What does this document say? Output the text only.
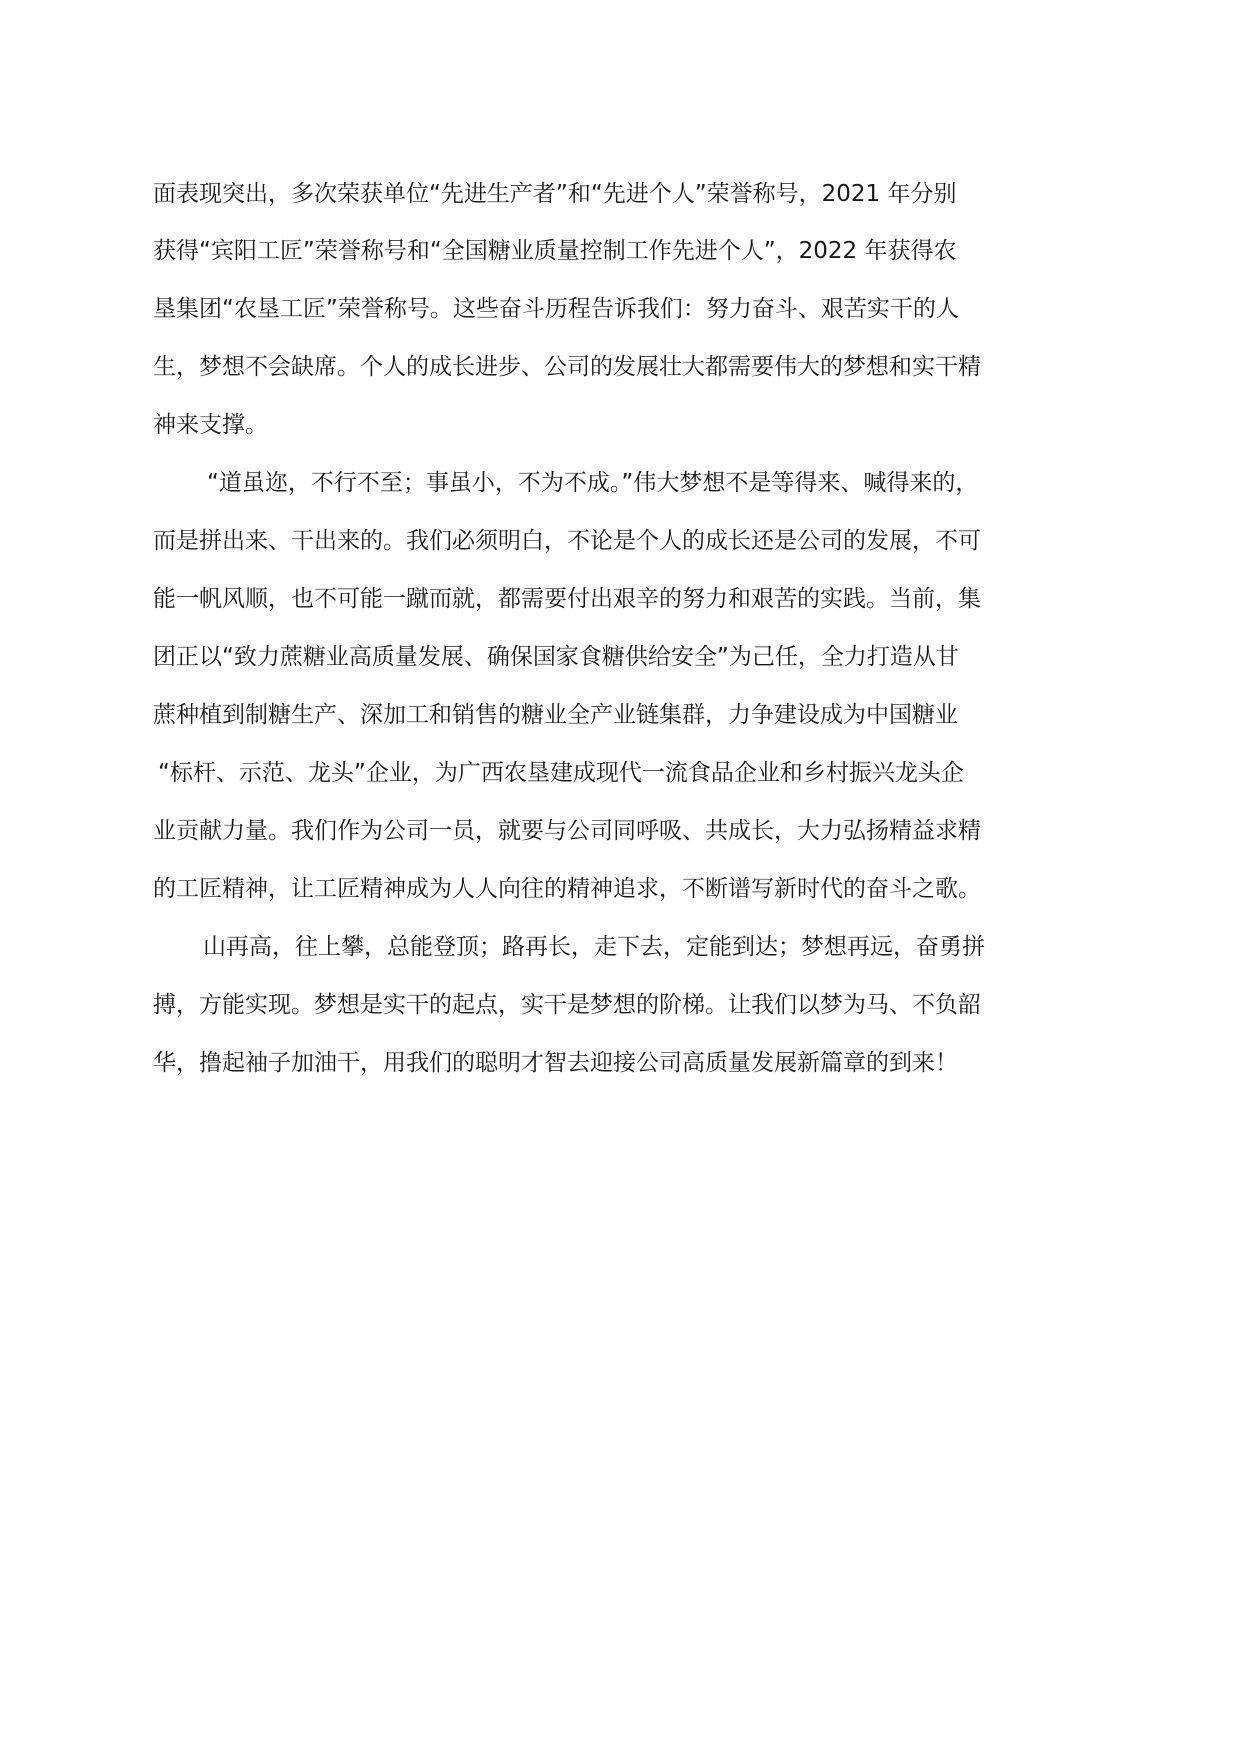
面表现突出，多次荣获单位“先进生产者”和“先进个人”荣誉称号，2021 年分别
获得“宾阳工匠”荣誉称号和“全国糖业质量控制工作先进个人”，2022 年获得农
垦集团“农垦工匠”荣誉称号。这些奋斗历程告诉我们：努力奋斗、艰苦实干的人
生，梦想不会缺席。个人的成长进步、公司的发展壮大都需要伟大的梦想和实干精
神来支撑。
“道虽迩，不行不至；事虽小，不为不成。”伟大梦想不是等得来、喊得来的，
而是拼出来、干出来的。我们必须明白，不论是个人的成长还是公司的发展，不可
能一帆风顺，也不可能一蹴而就，都需要付出艰辛的努力和艰苦的实践。当前，集
团正以“致力蔗糖业高质量发展、确保国家食糖供给安全”为己任，全力打造从甘
蔗种植到制糖生产、深加工和销售的糖业全产业链集群，力争建设成为中国糖业
“标杆、示范、龙头”企业，为广西农垦建成现代一流食品企业和乡村振兴龙头企
业贡献力量。我们作为公司一员，就要与公司同呼吸、共成长，大力弘扬精益求精
的工匠精神，让工匠精神成为人人向往的精神追求，不断谱写新时代的奋斗之歌。
山再高，往上攀，总能登顶；路再长，走下去，定能到达；梦想再远，奋勇拼
搏，方能实现。梦想是实干的起点，实干是梦想的阶梯。让我们以梦为马、不负韶
华，撸起袖子加油干，用我们的聪明才智去迎接公司高质量发展新篇章的到来！
